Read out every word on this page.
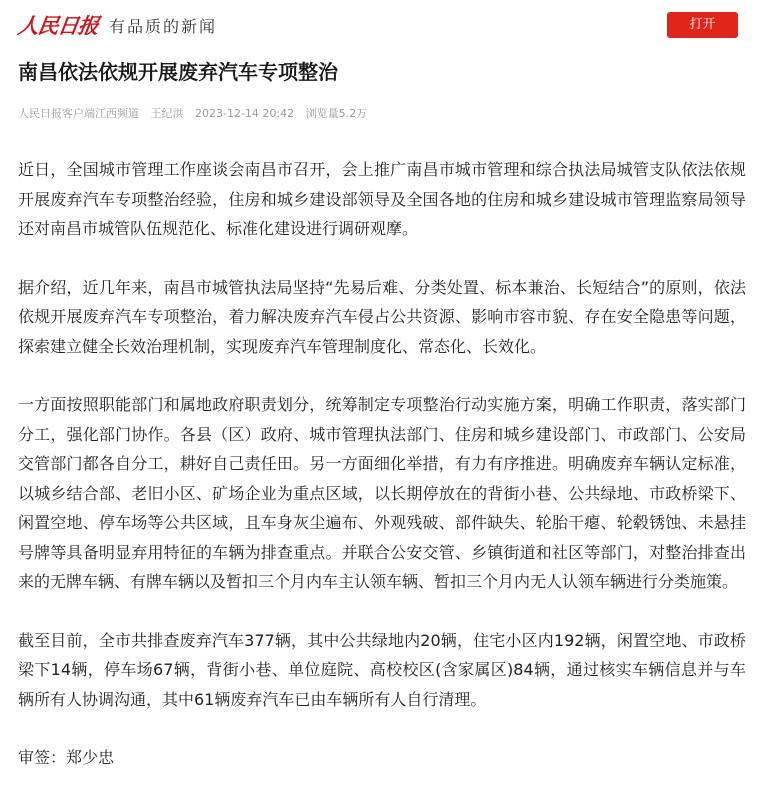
人民日报 有品质的新闻	打开
南昌依法依规开展废弃汽车专项整治
人民日报客户端江西频道 王纪洪 2023-12-14 20:42 浏览量5.2万

近日，全国城市管理工作座谈会南昌市召开，会上推广南昌市城市管理和综合执法局城管支队依法依规开展废弃汽车专项整治经验，住房和城乡建设部领导及全国各地的住房和城乡建设城市管理监察局领导还对南昌市城管队伍规范化、标准化建设进行调研观摩。

据介绍，近几年来，南昌市城管执法局坚持“先易后难、分类处置、标本兼治、长短结合”的原则，依法依规开展废弃汽车专项整治，着力解决废弃汽车侵占公共资源、影响市容市貌、存在安全隐患等问题，探索建立健全长效治理机制，实现废弃汽车管理制度化、常态化、长效化。

一方面按照职能部门和属地政府职责划分，统筹制定专项整治行动实施方案，明确工作职责，落实部门分工，强化部门协作。各县（区）政府、城市管理执法部门、住房和城乡建设部门、市政部门、公安局交管部门都各自分工，耕好自己责任田。另一方面细化举措，有力有序推进。明确废弃车辆认定标准，以城乡结合部、老旧小区、矿场企业为重点区域，以长期停放在的背街小巷、公共绿地、市政桥梁下、闲置空地、停车场等公共区域，且车身灰尘遍布、外观残破、部件缺失、轮胎干瘪、轮毂锈蚀、未悬挂号牌等具备明显弃用特征的车辆为排查重点。并联合公安交管、乡镇街道和社区等部门，对整治排查出来的无牌车辆、有牌车辆以及暂扣三个月内车主认领车辆、暂扣三个月内无人认领车辆进行分类施策。

截至目前，全市共排查废弃汽车377辆，其中公共绿地内20辆，住宅小区内192辆，闲置空地、市政桥梁下14辆，停车场67辆，背街小巷、单位庭院、高校校区(含家属区)84辆，通过核实车辆信息并与车辆所有人协调沟通，其中61辆废弃汽车已由车辆所有人自行清理。

审签：郑少忠
